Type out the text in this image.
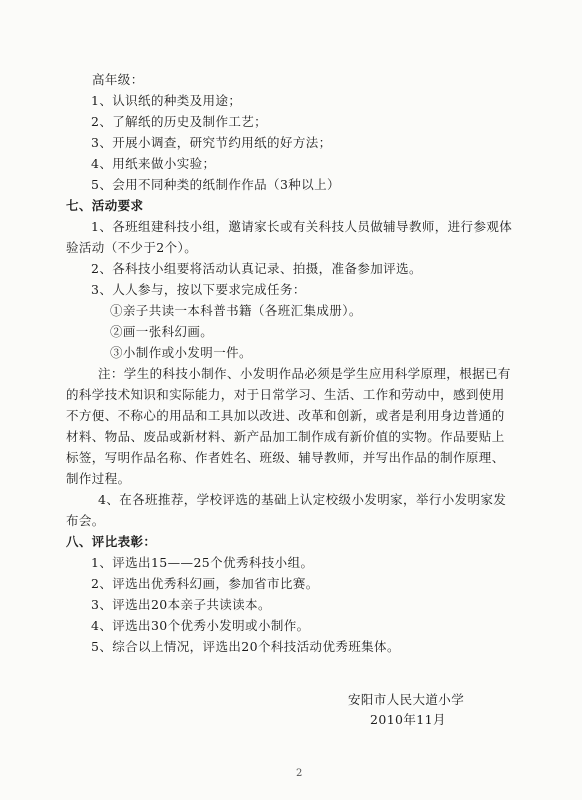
高年级：
1、认识纸的种类及用途；
2、了解纸的历史及制作工艺；
3、开展小调查，研究节约用纸的好方法；
4、用纸来做小实验；
5、会用不同种类的纸制作作品（3种以上）
七、活动要求
1、各班组建科技小组，邀请家长或有关科技人员做辅导教师，进行参观体
验活动（不少于2个）。
2、各科技小组要将活动认真记录、拍摄，准备参加评选。
3、人人参与，按以下要求完成任务：
①亲子共读一本科普书籍（各班汇集成册）。
②画一张科幻画。
③小制作或小发明一件。
注：学生的科技小制作、小发明作品必须是学生应用科学原理，根据已有
的科学技术知识和实际能力，对于日常学习、生活、工作和劳动中，感到使用
不方便、不称心的用品和工具加以改进、改革和创新，或者是利用身边普通的
材料、物品、废品或新材料、新产品加工制作成有新价值的实物。作品要贴上
标签，写明作品名称、作者姓名、班级、辅导教师，并写出作品的制作原理、
制作过程。
4、在各班推荐，学校评选的基础上认定校级小发明家，举行小发明家发
布会。
八、评比表彰：
1、评选出15——25个优秀科技小组。
2、评选出优秀科幻画，参加省市比赛。
3、评选出20本亲子共读读本。
4、评选出30个优秀小发明或小制作。
5、综合以上情况，评选出20个科技活动优秀班集体。
安阳市人民大道小学
2010年11月
2
